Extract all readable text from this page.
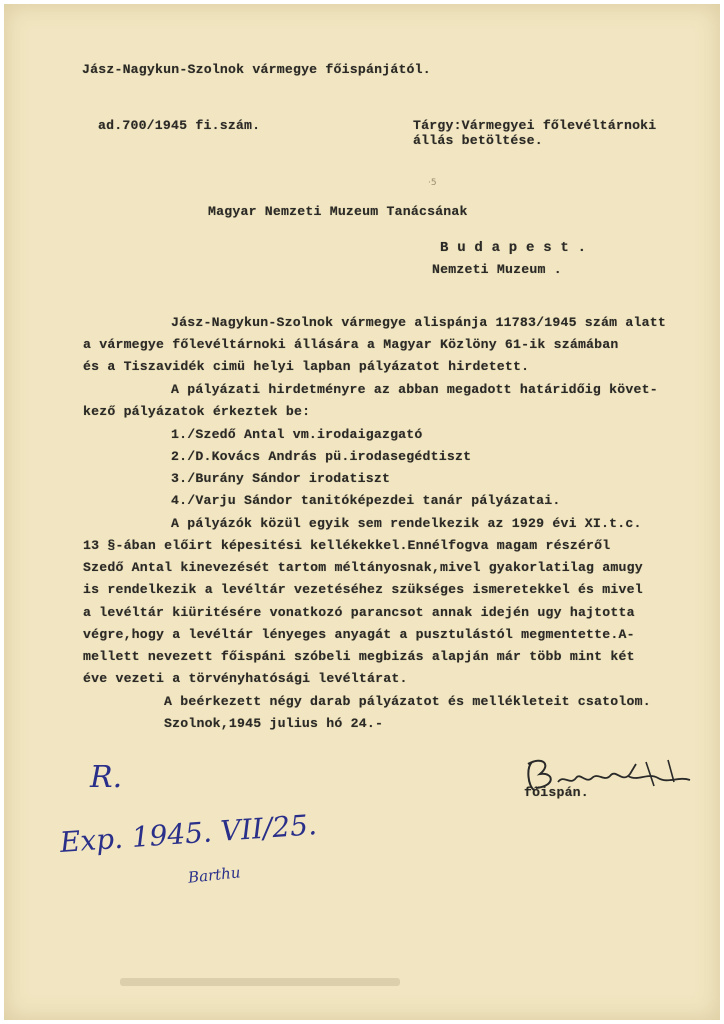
Jász-Nagykun-Szolnok vármegye főispánjától.
ad.700/1945 fi.szám.	Tárgy:Vármegyei főlevéltárnoki
állás betöltése.
·5
Magyar Nemzeti Muzeum Tanácsának
B u d a p e s t .
Nemzeti Muzeum .
Jász-Nagykun-Szolnok vármegye alispánja 11783/1945 szám alatt
a vármegye főlevéltárnoki állására a Magyar Közlöny 61-ik számában
és a Tiszavidék cimü helyi lapban pályázatot hirdetett.
A pályázati hirdetményre az abban megadott határidőig követ-
kező pályázatok érkeztek be:
1./Szedő Antal vm.irodaigazgató
2./D.Kovács András pü.irodasegédtiszt
3./Burány Sándor irodatiszt
4./Varju Sándor tanitóképezdei tanár pályázatai.
A pályázók közül egyik sem rendelkezik az 1929 évi XI.t.c.
13 §-ában előirt képesitési kellékekkel.Ennélfogva magam részéről
Szedő Antal kinevezését tartom méltányosnak,mivel gyakorlatilag amugy
is rendelkezik a levéltár vezetéséhez szükséges ismeretekkel és mivel
a levéltár kiüritésére vonatkozó parancsot annak idején ugy hajtotta
végre,hogy a levéltár lényeges anyagát a pusztulástól megmentette.A-
mellett nevezett főispáni szóbeli megbizás alapján már több mint két
éve vezeti a törvényhatósági levéltárat.
A beérkezett négy darab pályázatot és mellékleteit csatolom.
Szolnok,1945 julius hó 24.-
főispán.
R.
Exp. 1945. VII/25.
Barthu
